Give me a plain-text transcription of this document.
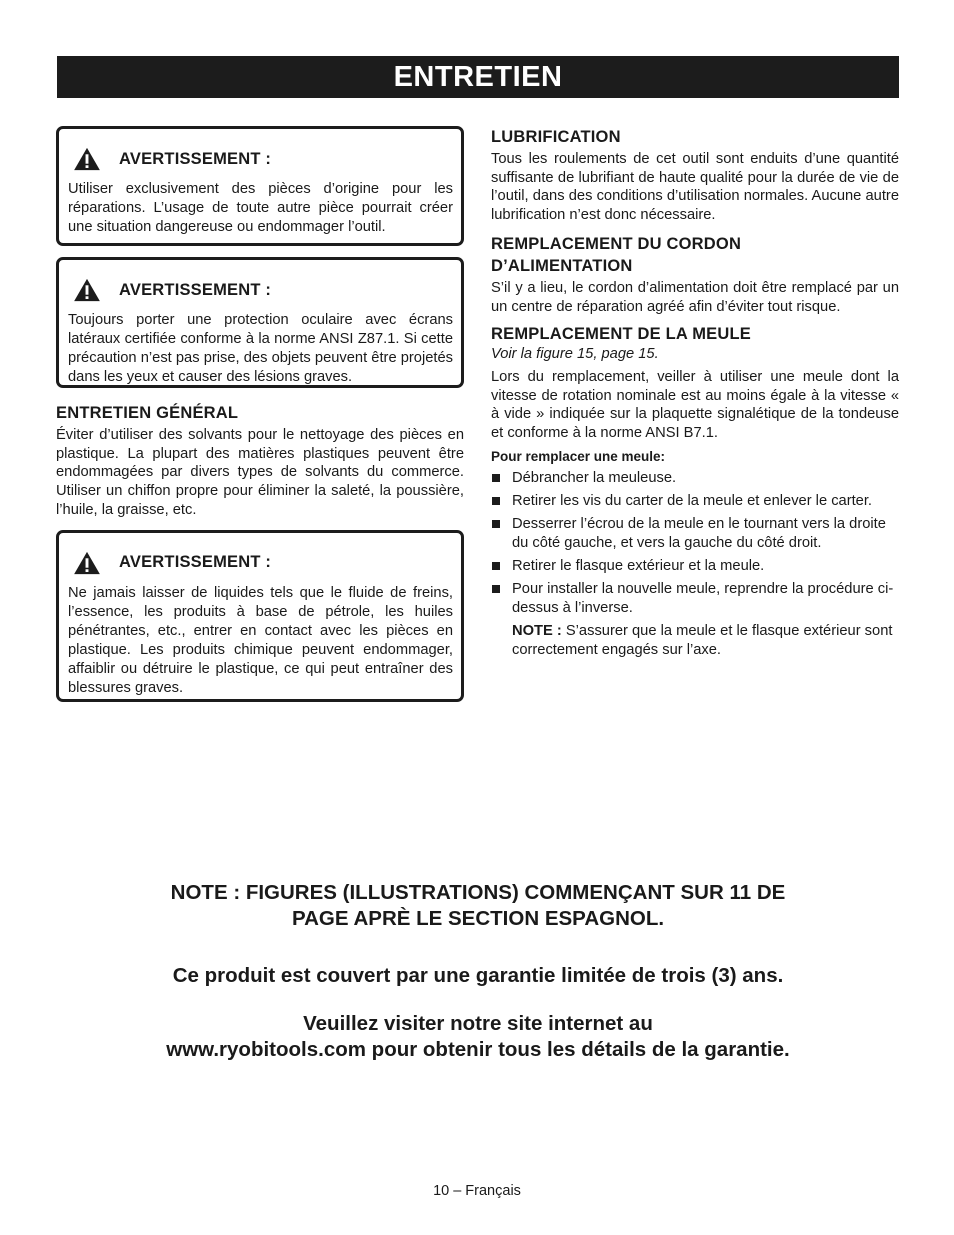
ENTRETIEN
AVERTISSEMENT :

Utiliser exclusivement des pièces d’origine pour les réparations. L’usage de toute autre pièce pourrait créer une situation dangereuse ou endommager l’outil.

AVERTISSEMENT :

Toujours porter une protection oculaire avec écrans latéraux certifiée conforme à la norme ANSI Z87.1. Si cette précaution n’est pas prise, des objets peuvent être projetés dans les yeux et causer des lésions graves.

ENTRETIEN GÉNÉRAL

Éviter d’utiliser des solvants pour le nettoyage des pièces en plastique. La plupart des matières plastiques peuvent être endommagées par divers types de solvants du commerce. Utiliser un chiffon propre pour éliminer la saleté, la poussière, l’huile, la graisse, etc.

AVERTISSEMENT :

Ne jamais laisser de liquides tels que le fluide de freins, l’essence, les produits à base de pétrole, les huiles pénétrantes, etc., entrer en contact avec les pièces en plastique. Les produits chimique peuvent endommager, affaiblir ou détruire le plastique, ce qui peut entraîner des blessures graves.

LUBRIFICATION

Tous les roulements de cet outil sont enduits d’une quantité suffisante de lubrifiant de haute qualité pour la durée de vie de l’outil, dans des conditions d’utilisation normales. Aucune autre lubrification n’est donc nécessaire.

REMPLACEMENT DU CORDON
D’ALIMENTATION

S’il y a lieu, le cordon d’alimentation doit être remplacé par un un centre de réparation agréé afin d’éviter tout risque.

REMPLACEMENT DE LA MEULE

Voir la figure 15, page 15.

Lors du remplacement, veiller à utiliser une meule dont la vitesse de rotation nominale est au moins égale à la vitesse « à vide » indiquée sur la plaquette signalétique de la tondeuse et conforme à la norme ANSI B7.1.

Pour remplacer une meule:

Débrancher la meuleuse.
Retirer les vis du carter de la meule et enlever le carter.
Desserrer l’écrou de la meule en le tournant vers la droite du côté gauche, et vers la gauche du côté droit.
Retirer le flasque extérieur et la meule.
Pour installer la nouvelle meule, reprendre la procédure ci-dessus à l’inverse.

NOTE : S’assurer que la meule et le flasque extérieur sont correctement engagés sur l’axe.

NOTE : FIGURES (ILLUSTRATIONS) COMMENÇANT SUR 11 DE
PAGE APRÈ LE SECTION ESPAGNOL.
Ce produit est couvert par une garantie limitée de trois (3) ans.
Veuillez visiter notre site internet au
www.ryobitools.com pour obtenir tous les détails de la garantie.
10 – Français
